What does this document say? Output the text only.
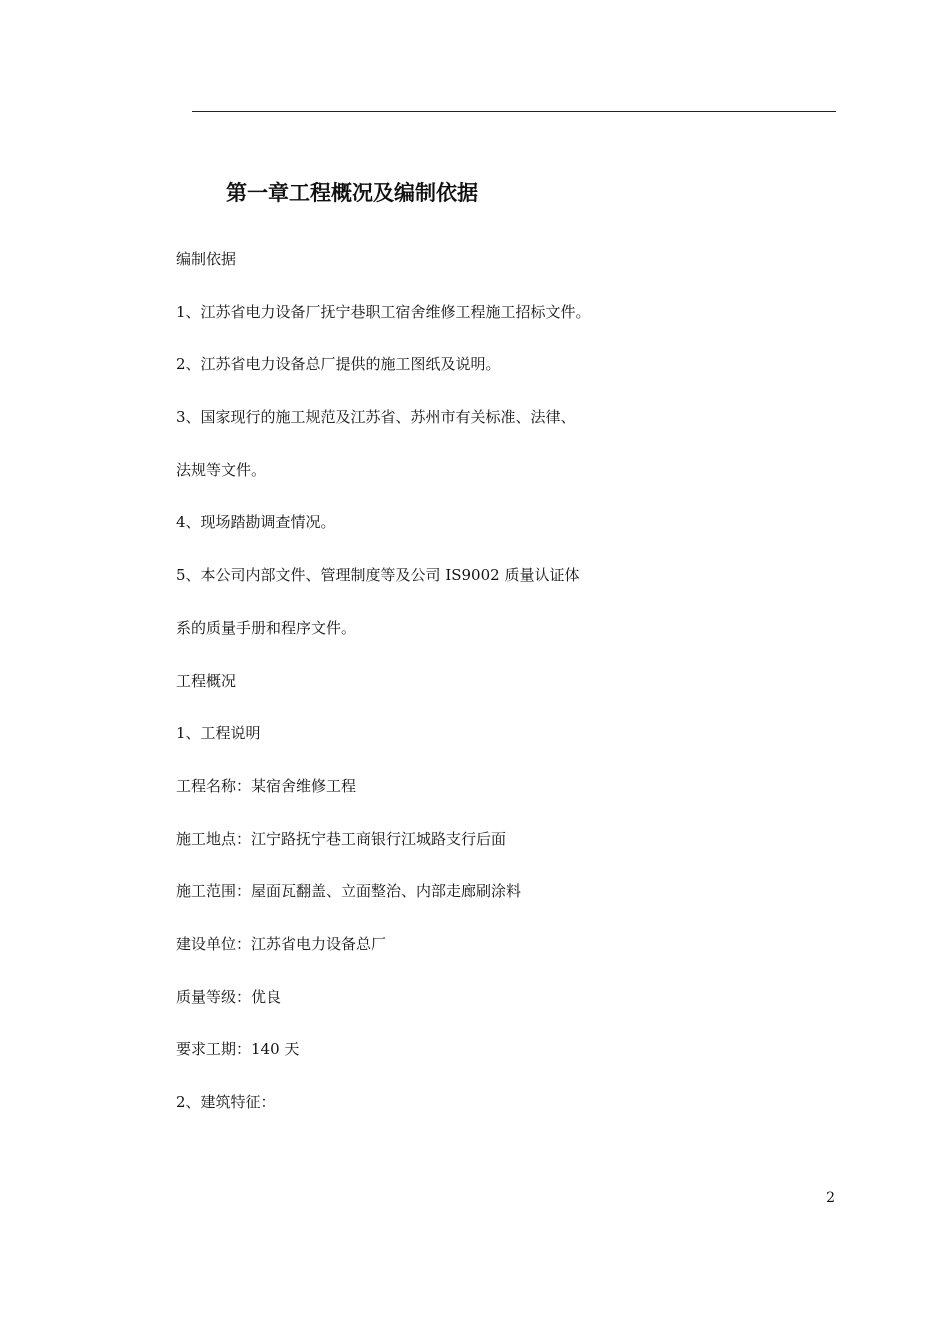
第一章工程概况及编制依据

编制依据

1、江苏省电力设备厂抚宁巷职工宿舍维修工程施工招标文件。

2、江苏省电力设备总厂提供的施工图纸及说明。

3、国家现行的施工规范及江苏省、苏州市有关标准、法律、

法规等文件。

4、现场踏勘调查情况。

5、本公司内部文件、管理制度等及公司 IS9002 质量认证体

系的质量手册和程序文件。

工程概况

1、工程说明

工程名称：某宿舍维修工程

施工地点：江宁路抚宁巷工商银行江城路支行后面

施工范围：屋面瓦翻盖、立面整治、内部走廊刷涂料

建设单位：江苏省电力设备总厂

质量等级：优良

要求工期：140 天

2、建筑特征：

2
